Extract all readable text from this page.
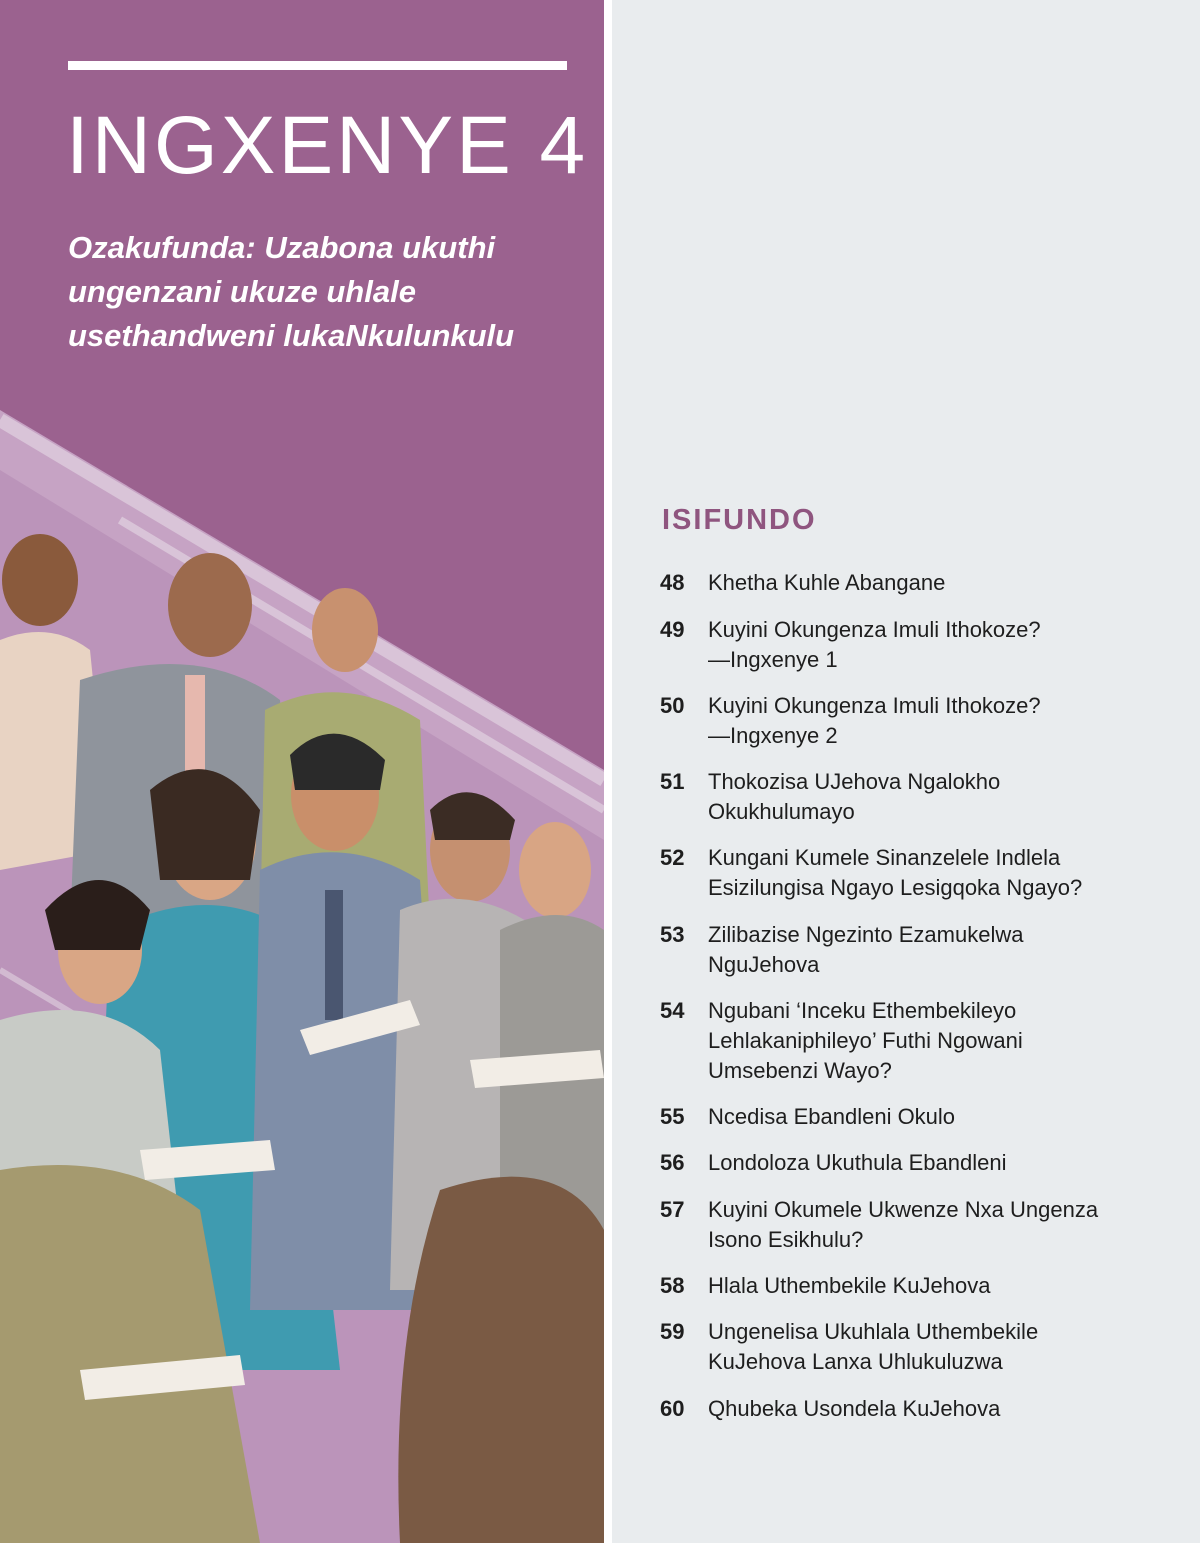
INGXENYE 4
Ozakufunda: Uzabona ukuthi ungenzani ukuze uhlale usethandweni lukaNkulunkulu
ISIFUNDO
48	Khetha Kuhle Abangane
49	Kuyini Okungenza Imuli Ithokoze?
—Ingxenye 1
50	Kuyini Okungenza Imuli Ithokoze?
—Ingxenye 2
51	Thokozisa UJehova Ngalokho
Okukhulumayo
52	Kungani Kumele Sinanzelele Indlela
Esizilungisa Ngayo Lesigqoka Ngayo?
53	Zilibazise Ngezinto Ezamukelwa
NguJehova
54	Ngubani ‘Inceku Ethembekileyo
Lehlakaniphileyo’ Futhi Ngowani
Umsebenzi Wayo?
55	Ncedisa Ebandleni Okulo
56	Londoloza Ukuthula Ebandleni
57	Kuyini Okumele Ukwenze Nxa Ungenza
Isono Esikhulu?
58	Hlala Uthembekile KuJehova
59	Ungenelisa Ukuhlala Uthembekile
KuJehova Lanxa Uhlukuluzwa
60	Qhubeka Usondela KuJehova
